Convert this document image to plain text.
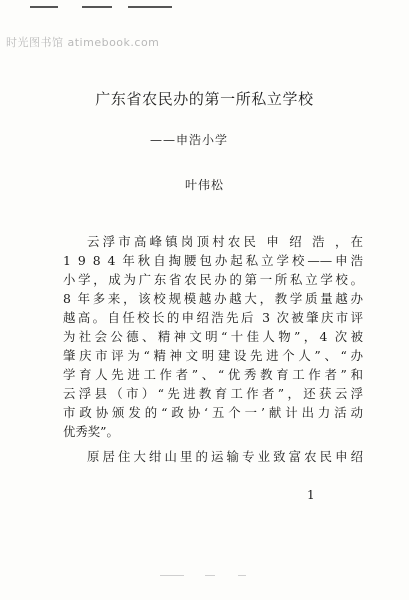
时光图书馆 atimebook.com
广东省农民办的第一所私立学校
——申浩小学
叶伟松
云浮市高峰镇岗顶村农民 申 绍 浩 ，在
1 9 8 4 年秋自掏腰包办起私立学校——申浩
小学，成为广东省农民办的第一所私立学校。
8 年多来，该校规模越办越大，教学质量越办
越高。自任校长的申绍浩先后 3 次被肇庆市评
为社会公德、精神文明“十佳人物”，4 次被
肇庆市评为“精神文明建设先进个人”、“办
学育人先进工作者”、“优秀教育工作者”和
云浮县（市）“先进教育工作者”，还获云浮
市政协颁发的“政协‘五个一’献计出力活动
优秀奖”。
原居住大绀山里的运输专业致富农民申绍
1
